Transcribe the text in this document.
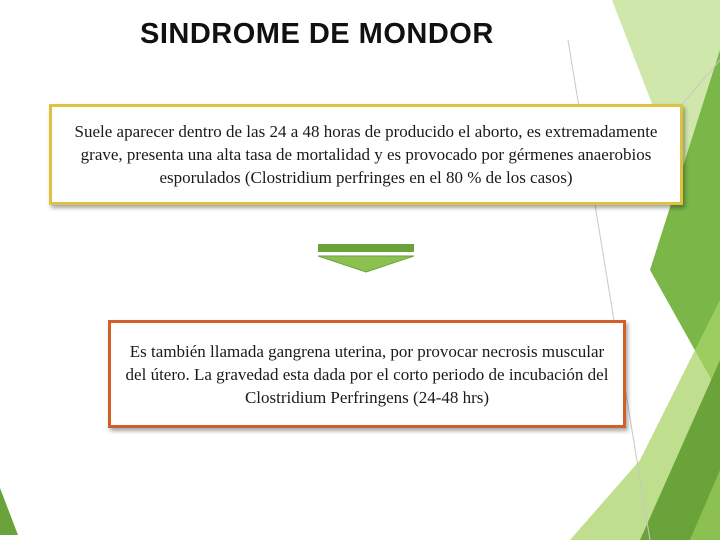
SINDROME DE MONDOR

Suele aparecer dentro de las 24 a 48 horas de producido el aborto, es extremadamente grave, presenta una alta tasa de mortalidad y es provocado por gérmenes anaerobios esporulados (Clostridium perfringes en el 80 % de los casos)

Es también llamada gangrena uterina, por provocar necrosis muscular del útero. La gravedad esta dada por el corto periodo de incubación del Clostridium Perfringens (24-48 hrs)
